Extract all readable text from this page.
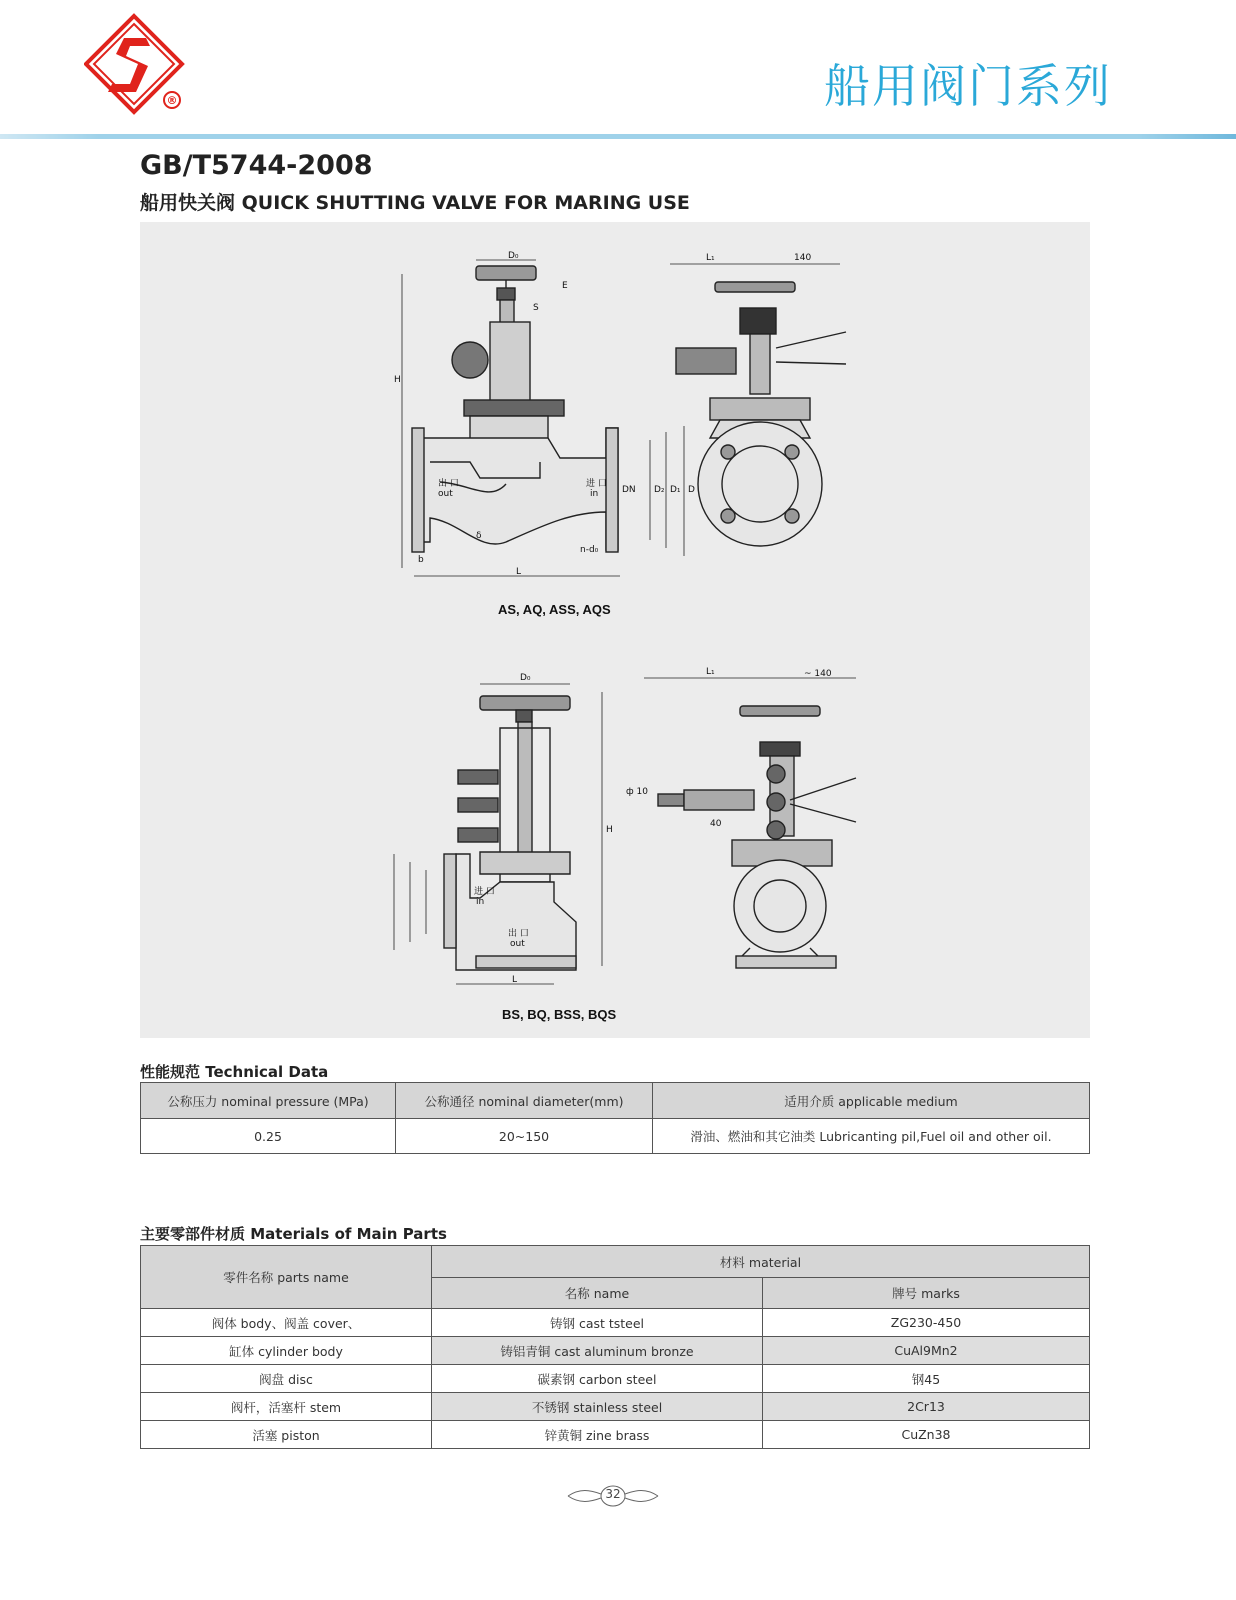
®	船用阀门系列
GB/T5744-2008
船用快关阀 QUICK SHUTTING VALVE FOR MARING USE
D₀
E
S
H
L
b
DN D₂ D₁ D
n-d₀
δ
出 口
out
进 口
in
L₁	140
D₀
H
L
L₁	~ 140
ф 10
40
进 口
in
出 口
out
AS, AQ, ASS, AQS
BS, BQ, BSS, BQS
性能规范 Technical Data
公称压力 nominal pressure (MPa)	公称通径 nominal diameter(mm)	适用介质 applicable medium
0.25	20~150	滑油、燃油和其它油类 Lubricanting pil,Fuel oil and other oil.
主要零部件材质 Materials of Main Parts
零件名称 parts name	材料 material	
	名称 name	牌号 marks
阀体 body、阀盖 cover、	铸钢 cast tsteel	ZG230-450
缸体 cylinder body	铸铝青铜 cast aluminum bronze	CuAl9Mn2
阀盘 disc	碳素钢 carbon steel	钢45
阀杆，活塞杆 stem	不锈钢 stainless steel	2Cr13
活塞 piston	锌黄铜 zine brass	CuZn38
32
